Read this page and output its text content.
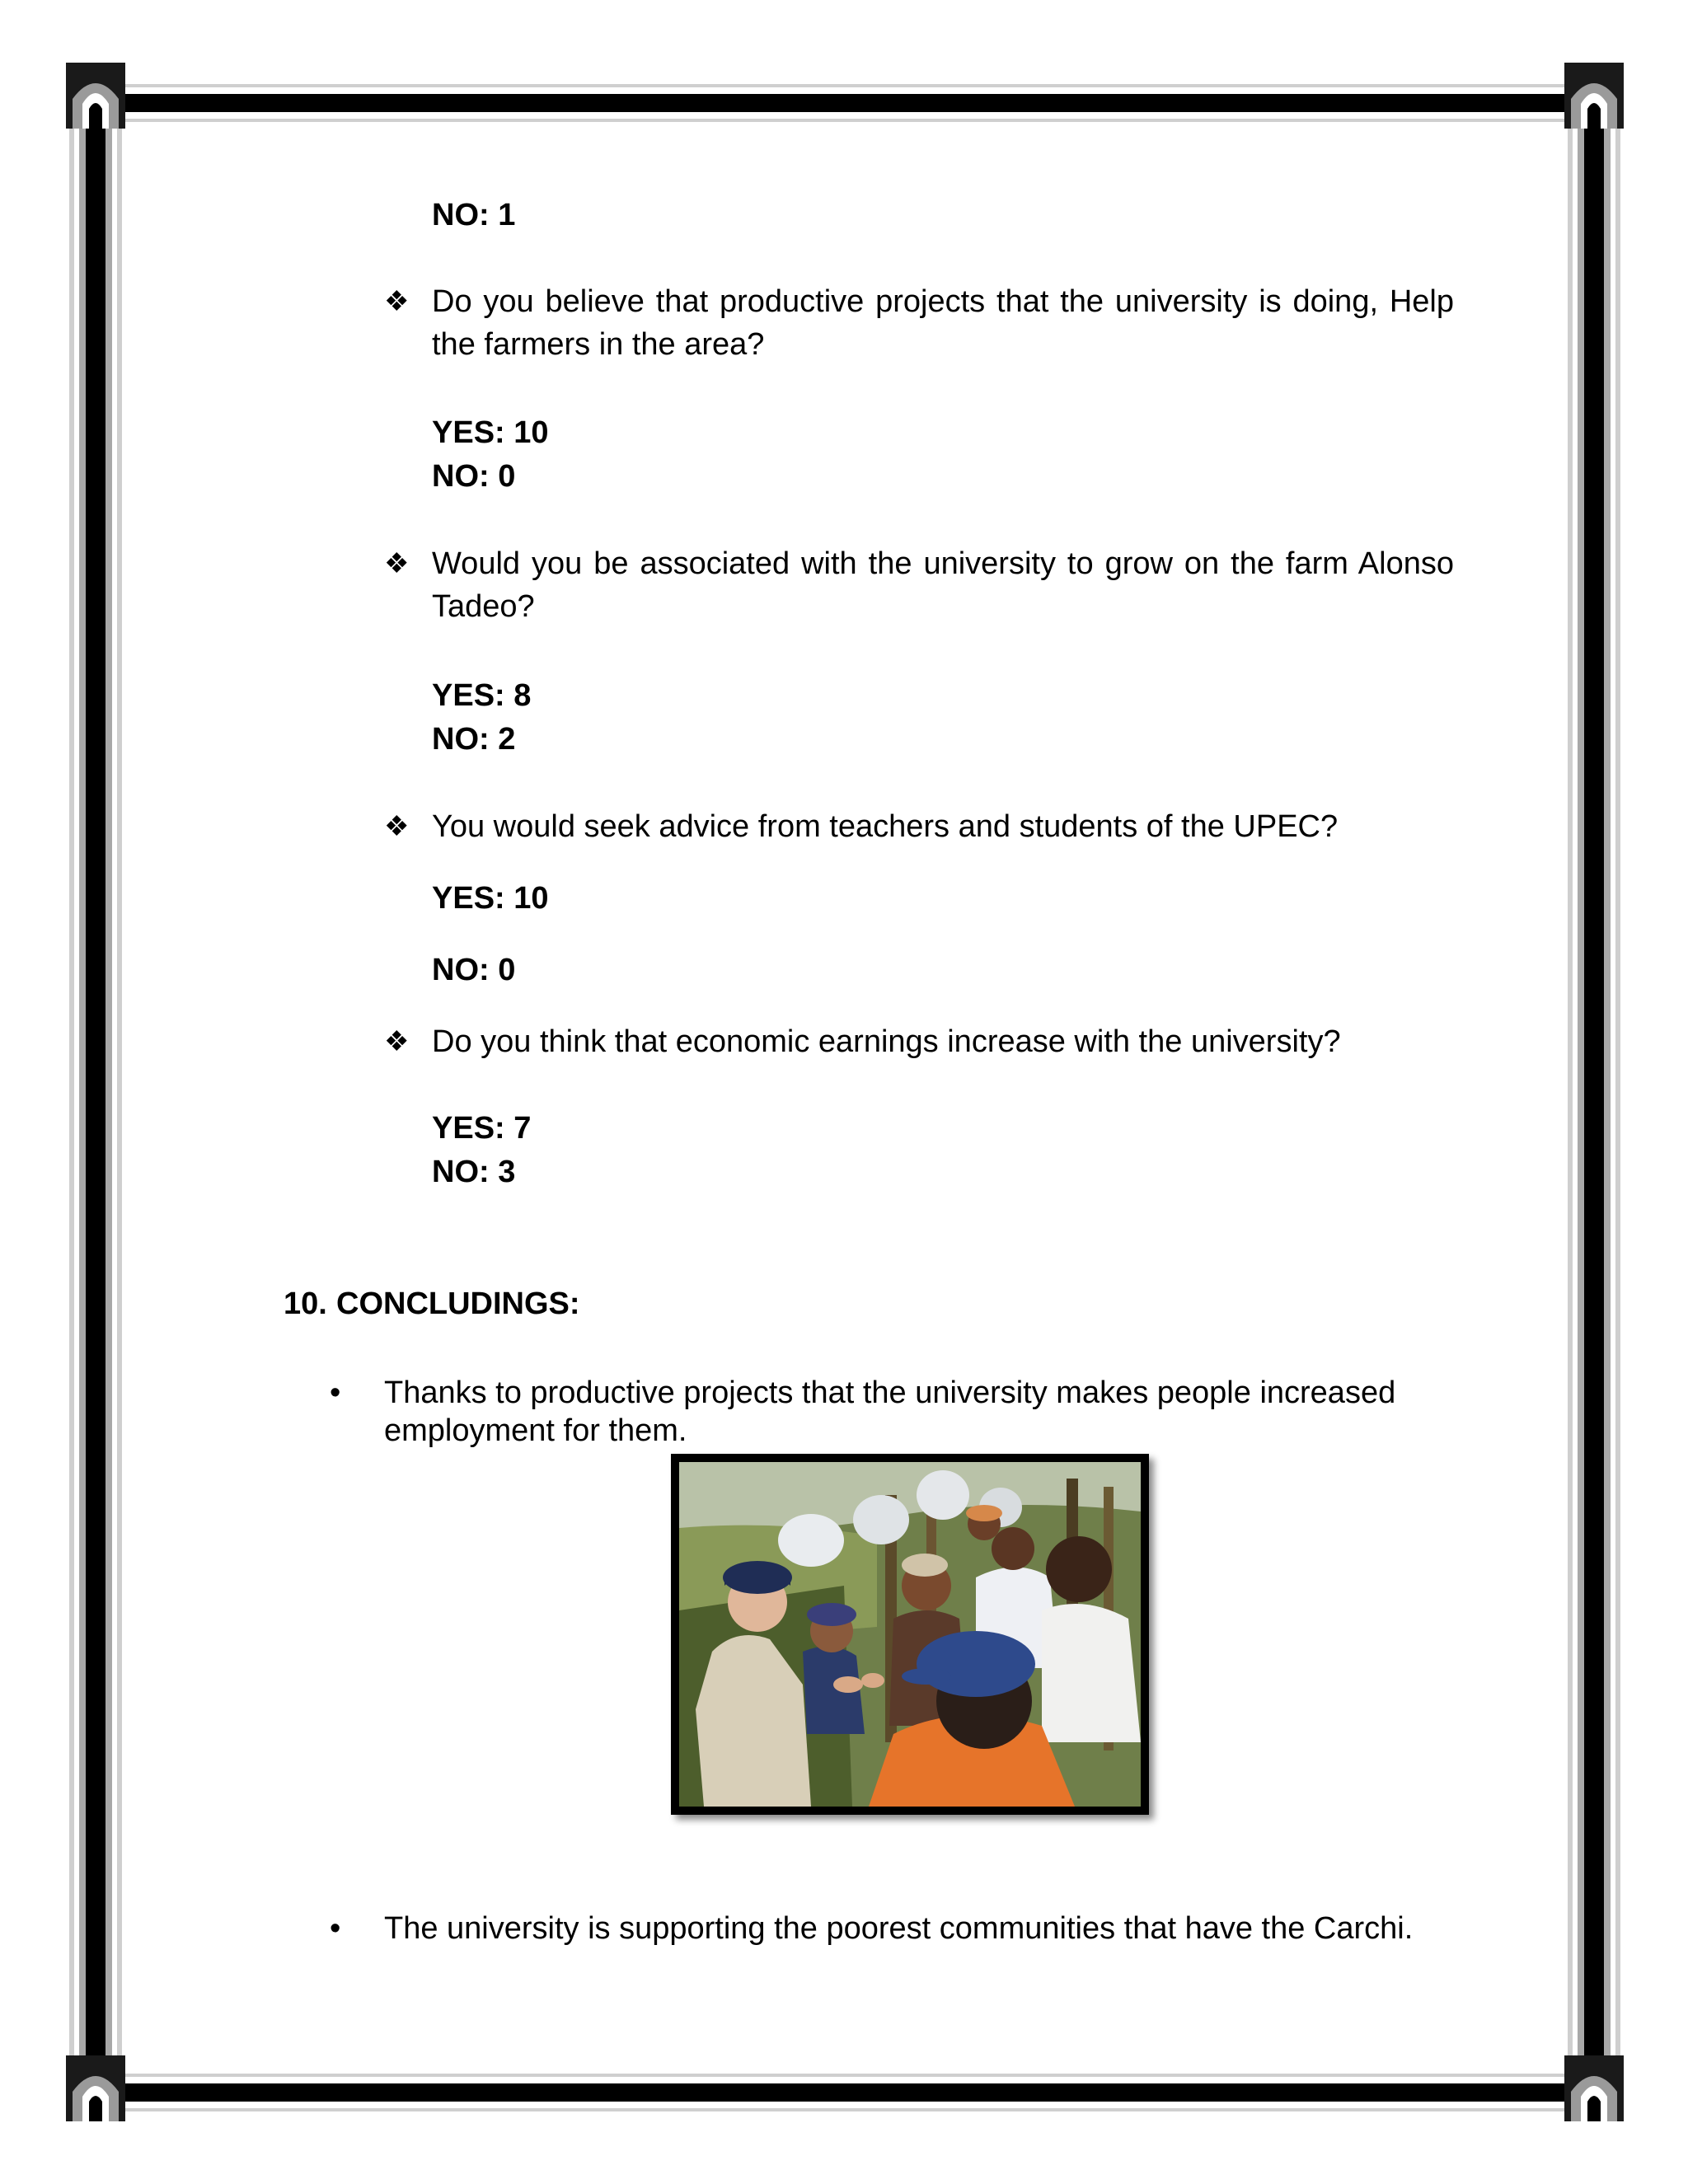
NO: 1
❖ Do you believe that productive projects that the university is doing, Help the farmers in the area?
YES: 10
NO: 0
❖ Would you be associated with the university to grow on the farm Alonso Tadeo?
YES: 8
NO: 2
❖ You would seek advice from teachers and students of the UPEC?
YES: 10
NO: 0
❖ Do you think that economic earnings increase with the university?
YES: 7
NO: 3
10. CONCLUDINGS:
• Thanks to productive projects that the university makes people increased employment for them.
• The university is supporting the poorest communities that have the Carchi.
